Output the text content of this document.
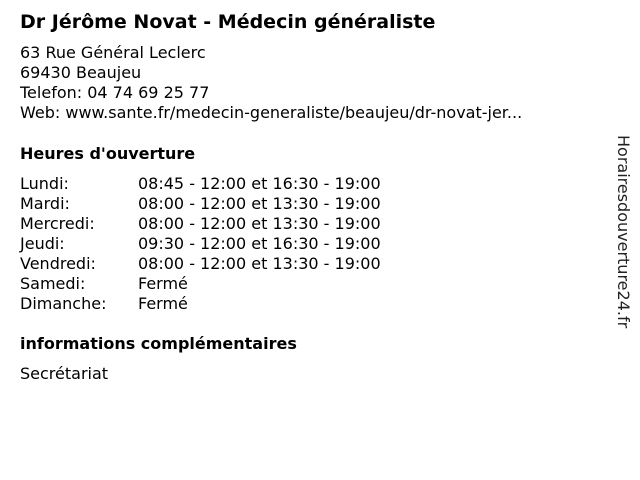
Dr Jérôme Novat - Médecin généraliste
63 Rue Général Leclerc
69430 Beaujeu
Telefon: 04 74 69 25 77
Web: www.sante.fr/medecin-generaliste/beaujeu/dr-novat-jer...
Heures d'ouverture
Lundi:	08:45 - 12:00 et 16:30 - 19:00
Mardi:	08:00 - 12:00 et 13:30 - 19:00
Mercredi:	08:00 - 12:00 et 13:30 - 19:00
Jeudi:	09:30 - 12:00 et 16:30 - 19:00
Vendredi:	08:00 - 12:00 et 13:30 - 19:00
Samedi:	Fermé
Dimanche: Fermé
informations complémentaires
Secrétariat
Horairesdouverture24.fr
